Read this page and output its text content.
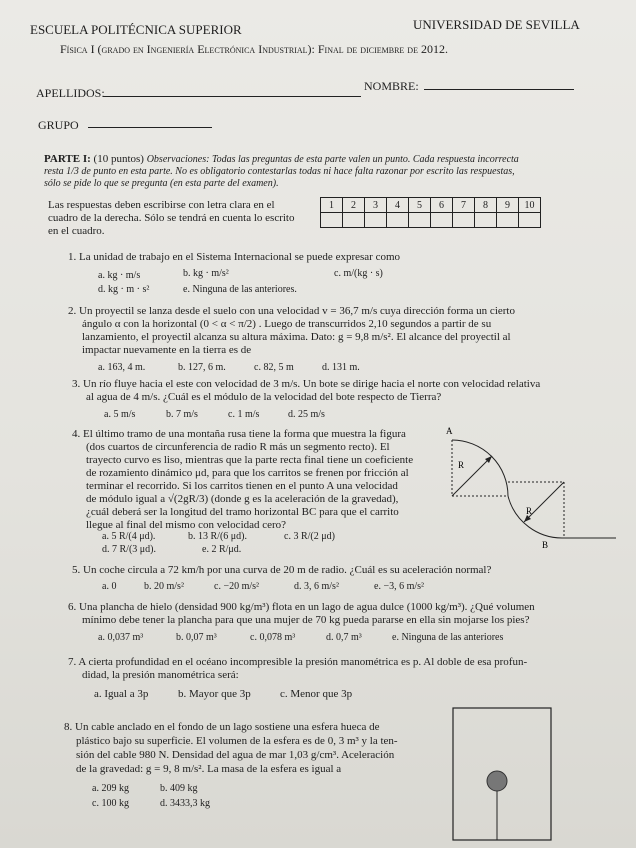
ESCUELA POLITÉCNICA SUPERIOR	UNIVERSIDAD DE SEVILLA
Física I (grado en Ingeniería Electrónica Industrial): Final de diciembre de 2012.
APELLIDOS:	NOMBRE:
GRUPO
PARTE I: (10 puntos) Observaciones: Todas las preguntas de esta parte valen un punto. Cada respuesta incorrecta
resta 1/3 de punto en esta parte. No es obligatorio contestarlas todas ni hace falta razonar por escrito las respuestas,
sólo se pide lo que se pregunta (en esta parte del examen).
Las respuestas deben escribirse con letra clara en el
cuadro de la derecha. Sólo se tendrá en cuenta lo escrito
en el cuadro.
1	2	3	4	5	6	7	8	9	10

1. La unidad de trabajo en el Sistema Internacional se puede expresar como
a. kg · m/s	b. kg · m/s²	c. m/(kg · s)
d. kg · m · s²	e. Ninguna de las anteriores.
2. Un proyectil se lanza desde el suelo con una velocidad v = 36,7 m/s cuya dirección forma un cierto
ángulo α con la horizontal (0 < α < π/2) . Luego de transcurridos 2,10 segundos a partir de su
lanzamiento, el proyectil alcanza su altura máxima. Dato: g = 9,8 m/s². El alcance del proyectil al
impactar nuevamente en la tierra es de
a. 163, 4 m.	b. 127, 6 m.	c. 82, 5 m	d. 131 m.
3. Un río fluye hacia el este con velocidad de 3 m/s. Un bote se dirige hacia el norte con velocidad relativa
al agua de 4 m/s. ¿Cuál es el módulo de la velocidad del bote respecto de Tierra?
a. 5 m/s	b. 7 m/s	c. 1 m/s	d. 25 m/s
4. El último tramo de una montaña rusa tiene la forma que muestra la figura
(dos cuartos de circunferencia de radio R más un segmento recto). El
trayecto curvo es liso, mientras que la parte recta final tiene un coeficiente
de rozamiento dinámico μd, para que los carritos se frenen por fricción al
terminar el recorrido. Si los carritos tienen en el punto A una velocidad
de módulo igual a √(2gR/3) (donde g es la aceleración de la gravedad),
¿cuál deberá ser la longitud del tramo horizontal BC para que el carrito
llegue al final del mismo con velocidad cero?
a. 5 R/(4 μd).	b. 13 R/(6 μd).	c. 3 R/(2 μd)
d. 7 R/(3 μd).	e. 2 R/μd.
A
R
R
B
5. Un coche circula a 72 km/h por una curva de 20 m de radio. ¿Cuál es su aceleración normal?
a. 0	b. 20 m/s²	c. −20 m/s²	d. 3, 6 m/s²	e. −3, 6 m/s²
6. Una plancha de hielo (densidad 900 kg/m³) flota en un lago de agua dulce (1000 kg/m³). ¿Qué volumen
mínimo debe tener la plancha para que una mujer de 70 kg pueda pararse en ella sin mojarse los pies?
a. 0,037 m³	b. 0,07 m³	c. 0,078 m³	d. 0,7 m³	e. Ninguna de las anteriores
7. A cierta profundidad en el océano incompresible la presión manométrica es p. Al doble de esa profun-
didad, la presión manométrica será:
a. Igual a 3p	b. Mayor que 3p	c. Menor que 3p
8. Un cable anclado en el fondo de un lago sostiene una esfera hueca de
plástico bajo su superficie. El volumen de la esfera es de 0, 3 m³ y la ten-
sión del cable 980 N. Densidad del agua de mar 1,03 g/cm³. Aceleración
de la gravedad: g = 9, 8 m/s². La masa de la esfera es igual a
a. 209 kg	b. 409 kg
c. 100 kg	d. 3433,3 kg
